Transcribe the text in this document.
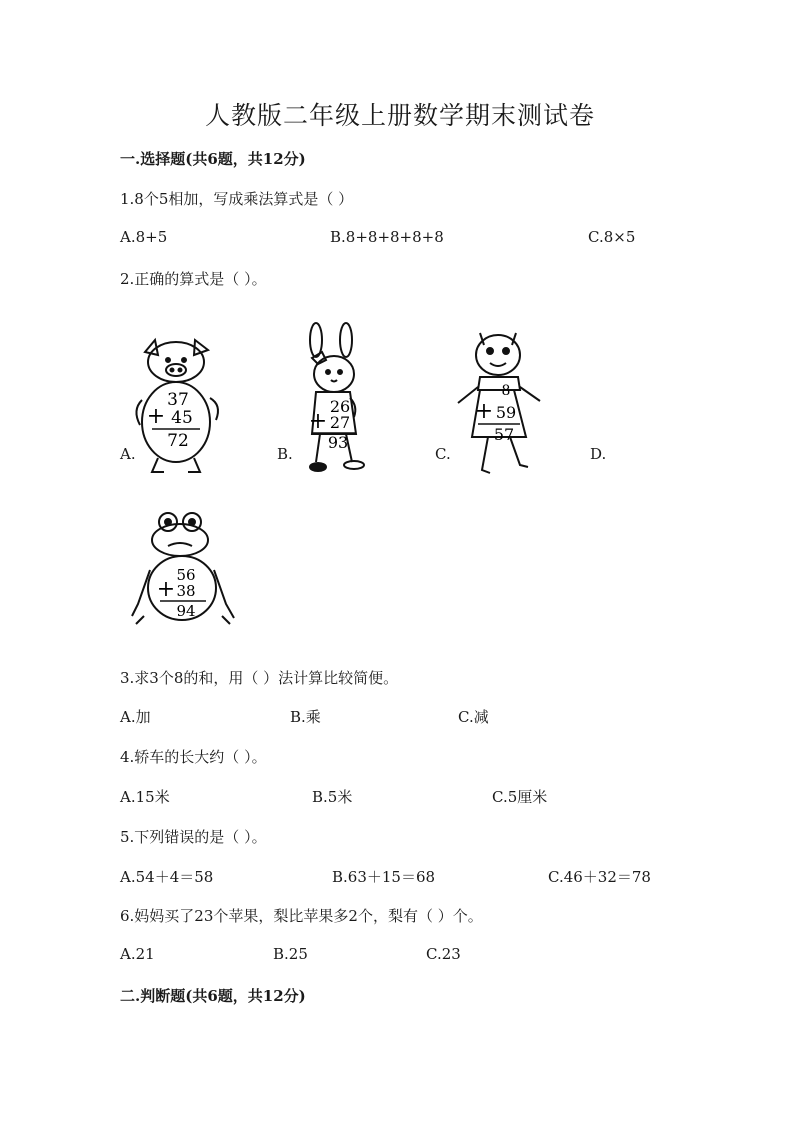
人教版二年级上册数学期末测试卷
一.选择题(共6题，共12分)
1.8个5相加，写成乘法算式是（ ）
A.8+5	B.8+8+8+8+8	C.8×5
2.正确的算式是（ ）。
37
+ 45
72
A.
26
+ 27
93
B.
8
+ 59
57
C.	D.
56
+ 38
94
3.求3个8的和，用（ ）法计算比较简便。
A.加	B.乘	C.减
4.轿车的长大约（ ）。
A.15米	B.5米	C.5厘米
5.下列错误的是（ ）。
A.54＋4＝58	B.63＋15＝68	C.46＋32＝78
6.妈妈买了23个苹果，梨比苹果多2个，梨有（ ）个。
A.21	B.25	C.23
二.判断题(共6题，共12分)
